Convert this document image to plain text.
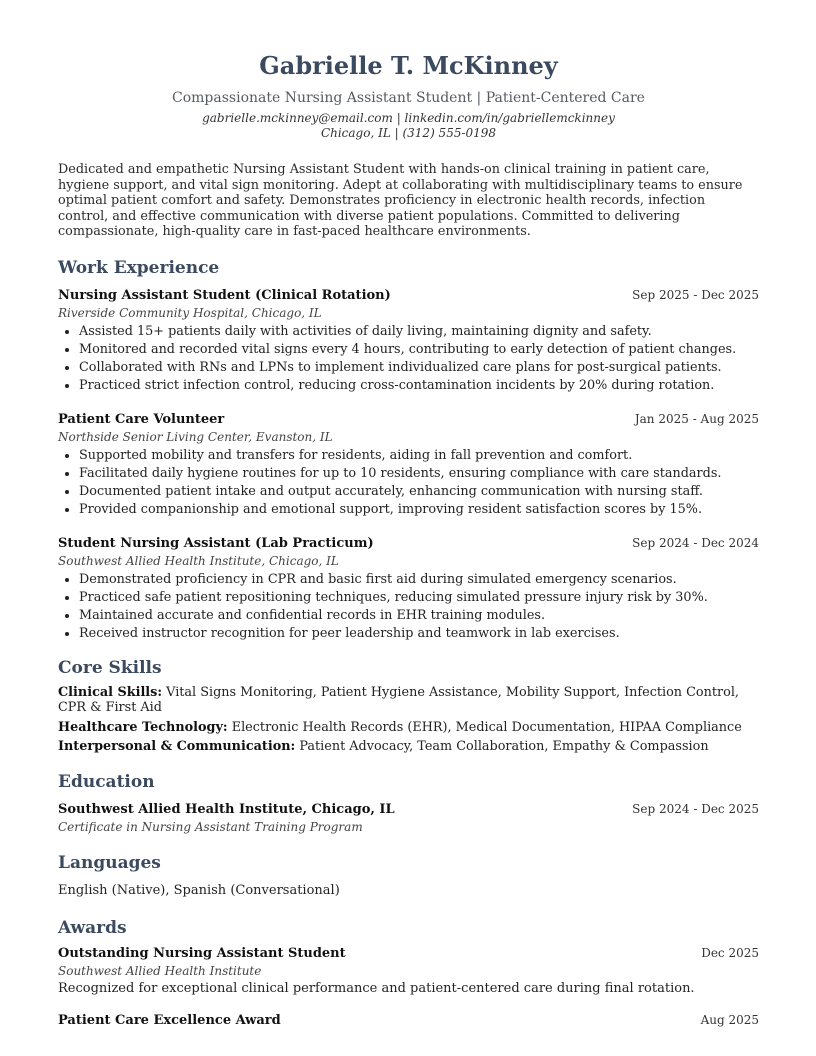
Gabrielle T. McKinney
Compassionate Nursing Assistant Student | Patient-Centered Care
gabrielle.mckinney@email.com | linkedin.com/in/gabriellemckinney
Chicago, IL | (312) 555-0198
Dedicated and empathetic Nursing Assistant Student with hands-on clinical training in patient care, hygiene support, and vital sign monitoring. Adept at collaborating with multidisciplinary teams to ensure optimal patient comfort and safety. Demonstrates proficiency in electronic health records, infection control, and effective communication with diverse patient populations. Committed to delivering compassionate, high-quality care in fast-paced healthcare environments.
Work Experience
Nursing Assistant Student (Clinical Rotation)	Sep 2025 - Dec 2025
Riverside Community Hospital, Chicago, IL
• Assisted 15+ patients daily with activities of daily living, maintaining dignity and safety.
• Monitored and recorded vital signs every 4 hours, contributing to early detection of patient changes.
• Collaborated with RNs and LPNs to implement individualized care plans for post-surgical patients.
• Practiced strict infection control, reducing cross-contamination incidents by 20% during rotation.
Patient Care Volunteer	Jan 2025 - Aug 2025
Northside Senior Living Center, Evanston, IL
• Supported mobility and transfers for residents, aiding in fall prevention and comfort.
• Facilitated daily hygiene routines for up to 10 residents, ensuring compliance with care standards.
• Documented patient intake and output accurately, enhancing communication with nursing staff.
• Provided companionship and emotional support, improving resident satisfaction scores by 15%.
Student Nursing Assistant (Lab Practicum)	Sep 2024 - Dec 2024
Southwest Allied Health Institute, Chicago, IL
• Demonstrated proficiency in CPR and basic first aid during simulated emergency scenarios.
• Practiced safe patient repositioning techniques, reducing simulated pressure injury risk by 30%.
• Maintained accurate and confidential records in EHR training modules.
• Received instructor recognition for peer leadership and teamwork in lab exercises.
Core Skills
Clinical Skills: Vital Signs Monitoring, Patient Hygiene Assistance, Mobility Support, Infection Control, CPR & First Aid
Healthcare Technology: Electronic Health Records (EHR), Medical Documentation, HIPAA Compliance
Interpersonal & Communication: Patient Advocacy, Team Collaboration, Empathy & Compassion
Education
Southwest Allied Health Institute, Chicago, IL	Sep 2024 - Dec 2025
Certificate in Nursing Assistant Training Program
Languages
English (Native), Spanish (Conversational)
Awards
Outstanding Nursing Assistant Student	Dec 2025
Southwest Allied Health Institute
Recognized for exceptional clinical performance and patient-centered care during final rotation.
Patient Care Excellence Award	Aug 2025
